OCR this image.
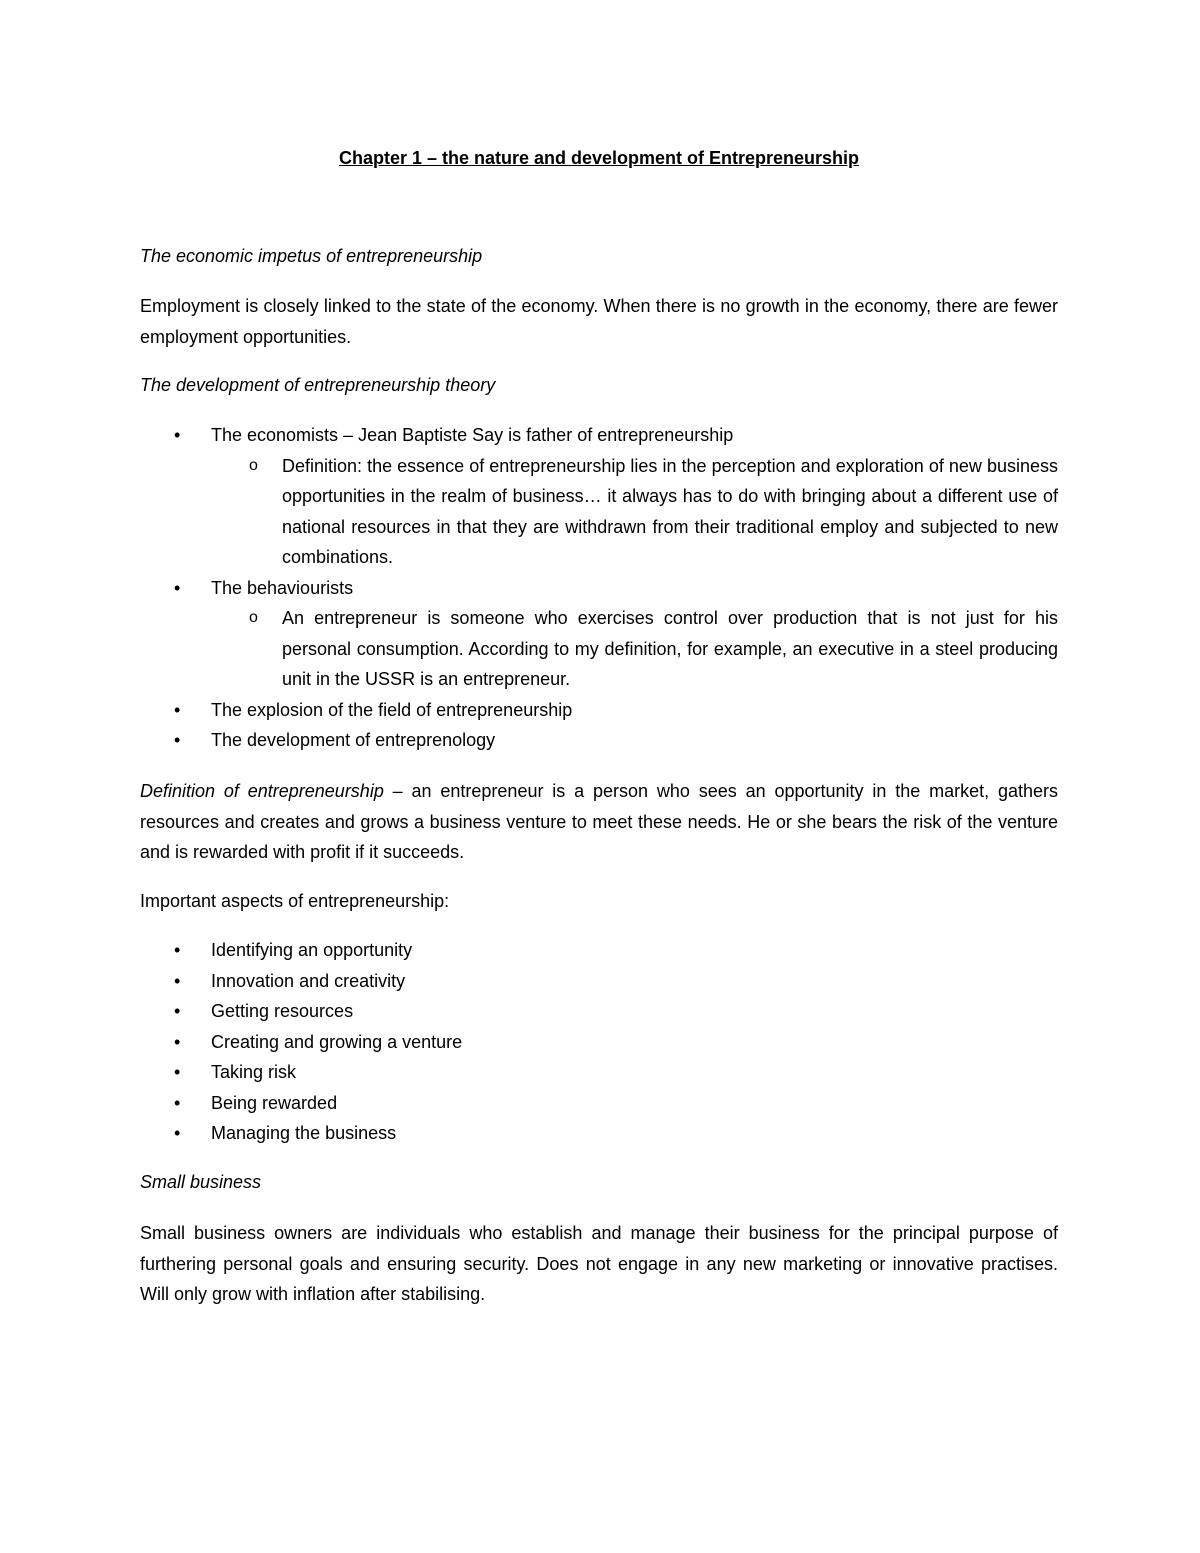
Chapter 1 – the nature and development of Entrepreneurship
The economic impetus of entrepreneurship

Employment is closely linked to the state of the economy. When there is no growth in the economy, there are fewer employment opportunities.

The development of entrepreneurship theory
• The economists – Jean Baptiste Say is father of entrepreneurship
o Definition: the essence of entrepreneurship lies in the perception and exploration of new business opportunities in the realm of business… it always has to do with bringing about a different use of national resources in that they are withdrawn from their traditional employ and subjected to new combinations.
• The behaviourists
o An entrepreneur is someone who exercises control over production that is not just for his personal consumption. According to my definition, for example, an executive in a steel producing unit in the USSR is an entrepreneur.
• The explosion of the field of entrepreneurship
• The development of entreprenology

Definition of entrepreneurship – an entrepreneur is a person who sees an opportunity in the market, gathers resources and creates and grows a business venture to meet these needs. He or she bears the risk of the venture and is rewarded with profit if it succeeds.

Important aspects of entrepreneurship:
• Identifying an opportunity
• Innovation and creativity
• Getting resources
• Creating and growing a venture
• Taking risk
• Being rewarded
• Managing the business
Small business

Small business owners are individuals who establish and manage their business for the principal purpose of furthering personal goals and ensuring security. Does not engage in any new marketing or innovative practises. Will only grow with inflation after stabilising.
